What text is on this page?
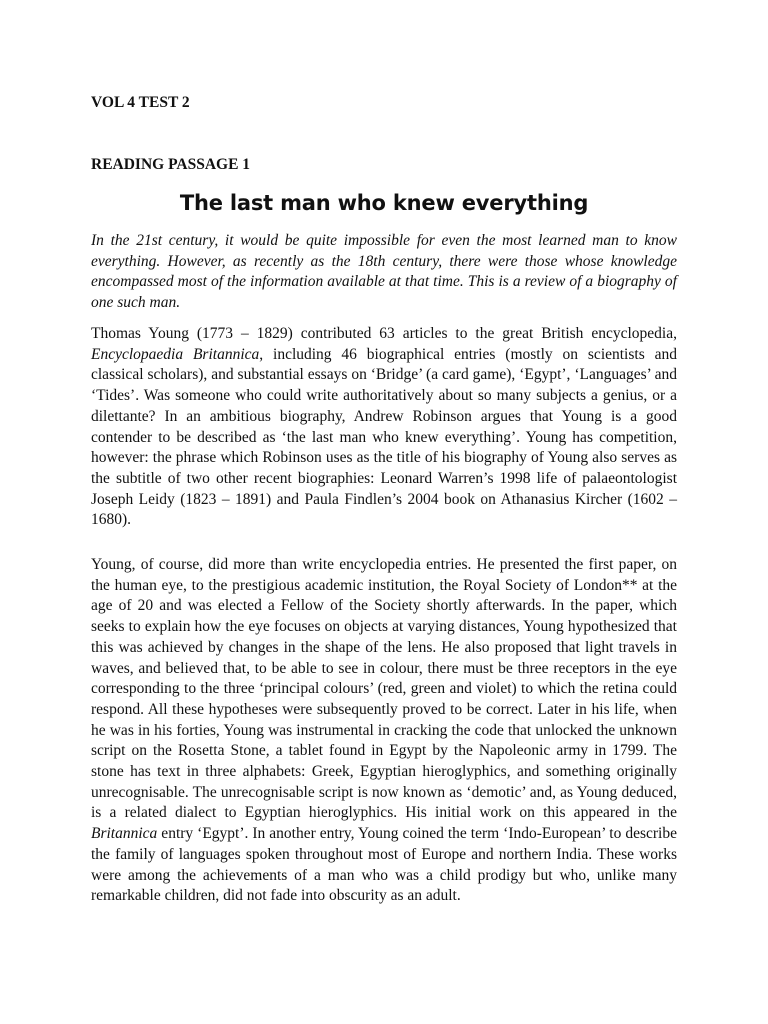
VOL 4 TEST 2

READING PASSAGE 1

The last man who knew everything

In the 21st century, it would be quite impossible for even the most learned man to know everything. However, as recently as the 18th century, there were those whose knowledge encompassed most of the information available at that time. This is a review of a biography of one such man.

Thomas Young (1773 – 1829) contributed 63 articles to the great British encyclopedia, Encyclopaedia Britannica, including 46 biographical entries (mostly on scientists and classical scholars), and substantial essays on ‘Bridge’ (a card game), ‘Egypt’, ‘Languages’ and ‘Tides’. Was someone who could write authoritatively about so many subjects a genius, or a dilettante? In an ambitious biography, Andrew Robinson argues that Young is a good contender to be described as ‘the last man who knew everything’. Young has competition, however: the phrase which Robinson uses as the title of his biography of Young also serves as the subtitle of two other recent biographies: Leonard Warren’s 1998 life of palaeontologist Joseph Leidy (1823 – 1891) and Paula Findlen’s 2004 book on Athanasius Kircher (1602 – 1680).

Young, of course, did more than write encyclopedia entries. He presented the first paper, on the human eye, to the prestigious academic institution, the Royal Society of London** at the age of 20 and was elected a Fellow of the Society shortly afterwards. In the paper, which seeks to explain how the eye focuses on objects at varying distances, Young hypothesized that this was achieved by changes in the shape of the lens. He also proposed that light travels in waves, and believed that, to be able to see in colour, there must be three receptors in the eye corresponding to the three ‘principal colours’ (red, green and violet) to which the retina could respond. All these hypotheses were subsequently proved to be correct. Later in his life, when he was in his forties, Young was instrumental in cracking the code that unlocked the unknown script on the Rosetta Stone, a tablet found in Egypt by the Napoleonic army in 1799. The stone has text in three alphabets: Greek, Egyptian hieroglyphics, and something originally unrecognisable. The unrecognisable script is now known as ‘demotic’ and, as Young deduced, is a related dialect to Egyptian hieroglyphics. His initial work on this appeared in the Britannica entry ‘Egypt’. In another entry, Young coined the term ‘Indo-European’ to describe the family of languages spoken throughout most of Europe and northern India. These works were among the achievements of a man who was a child prodigy but who, unlike many remarkable children, did not fade into obscurity as an adult.
